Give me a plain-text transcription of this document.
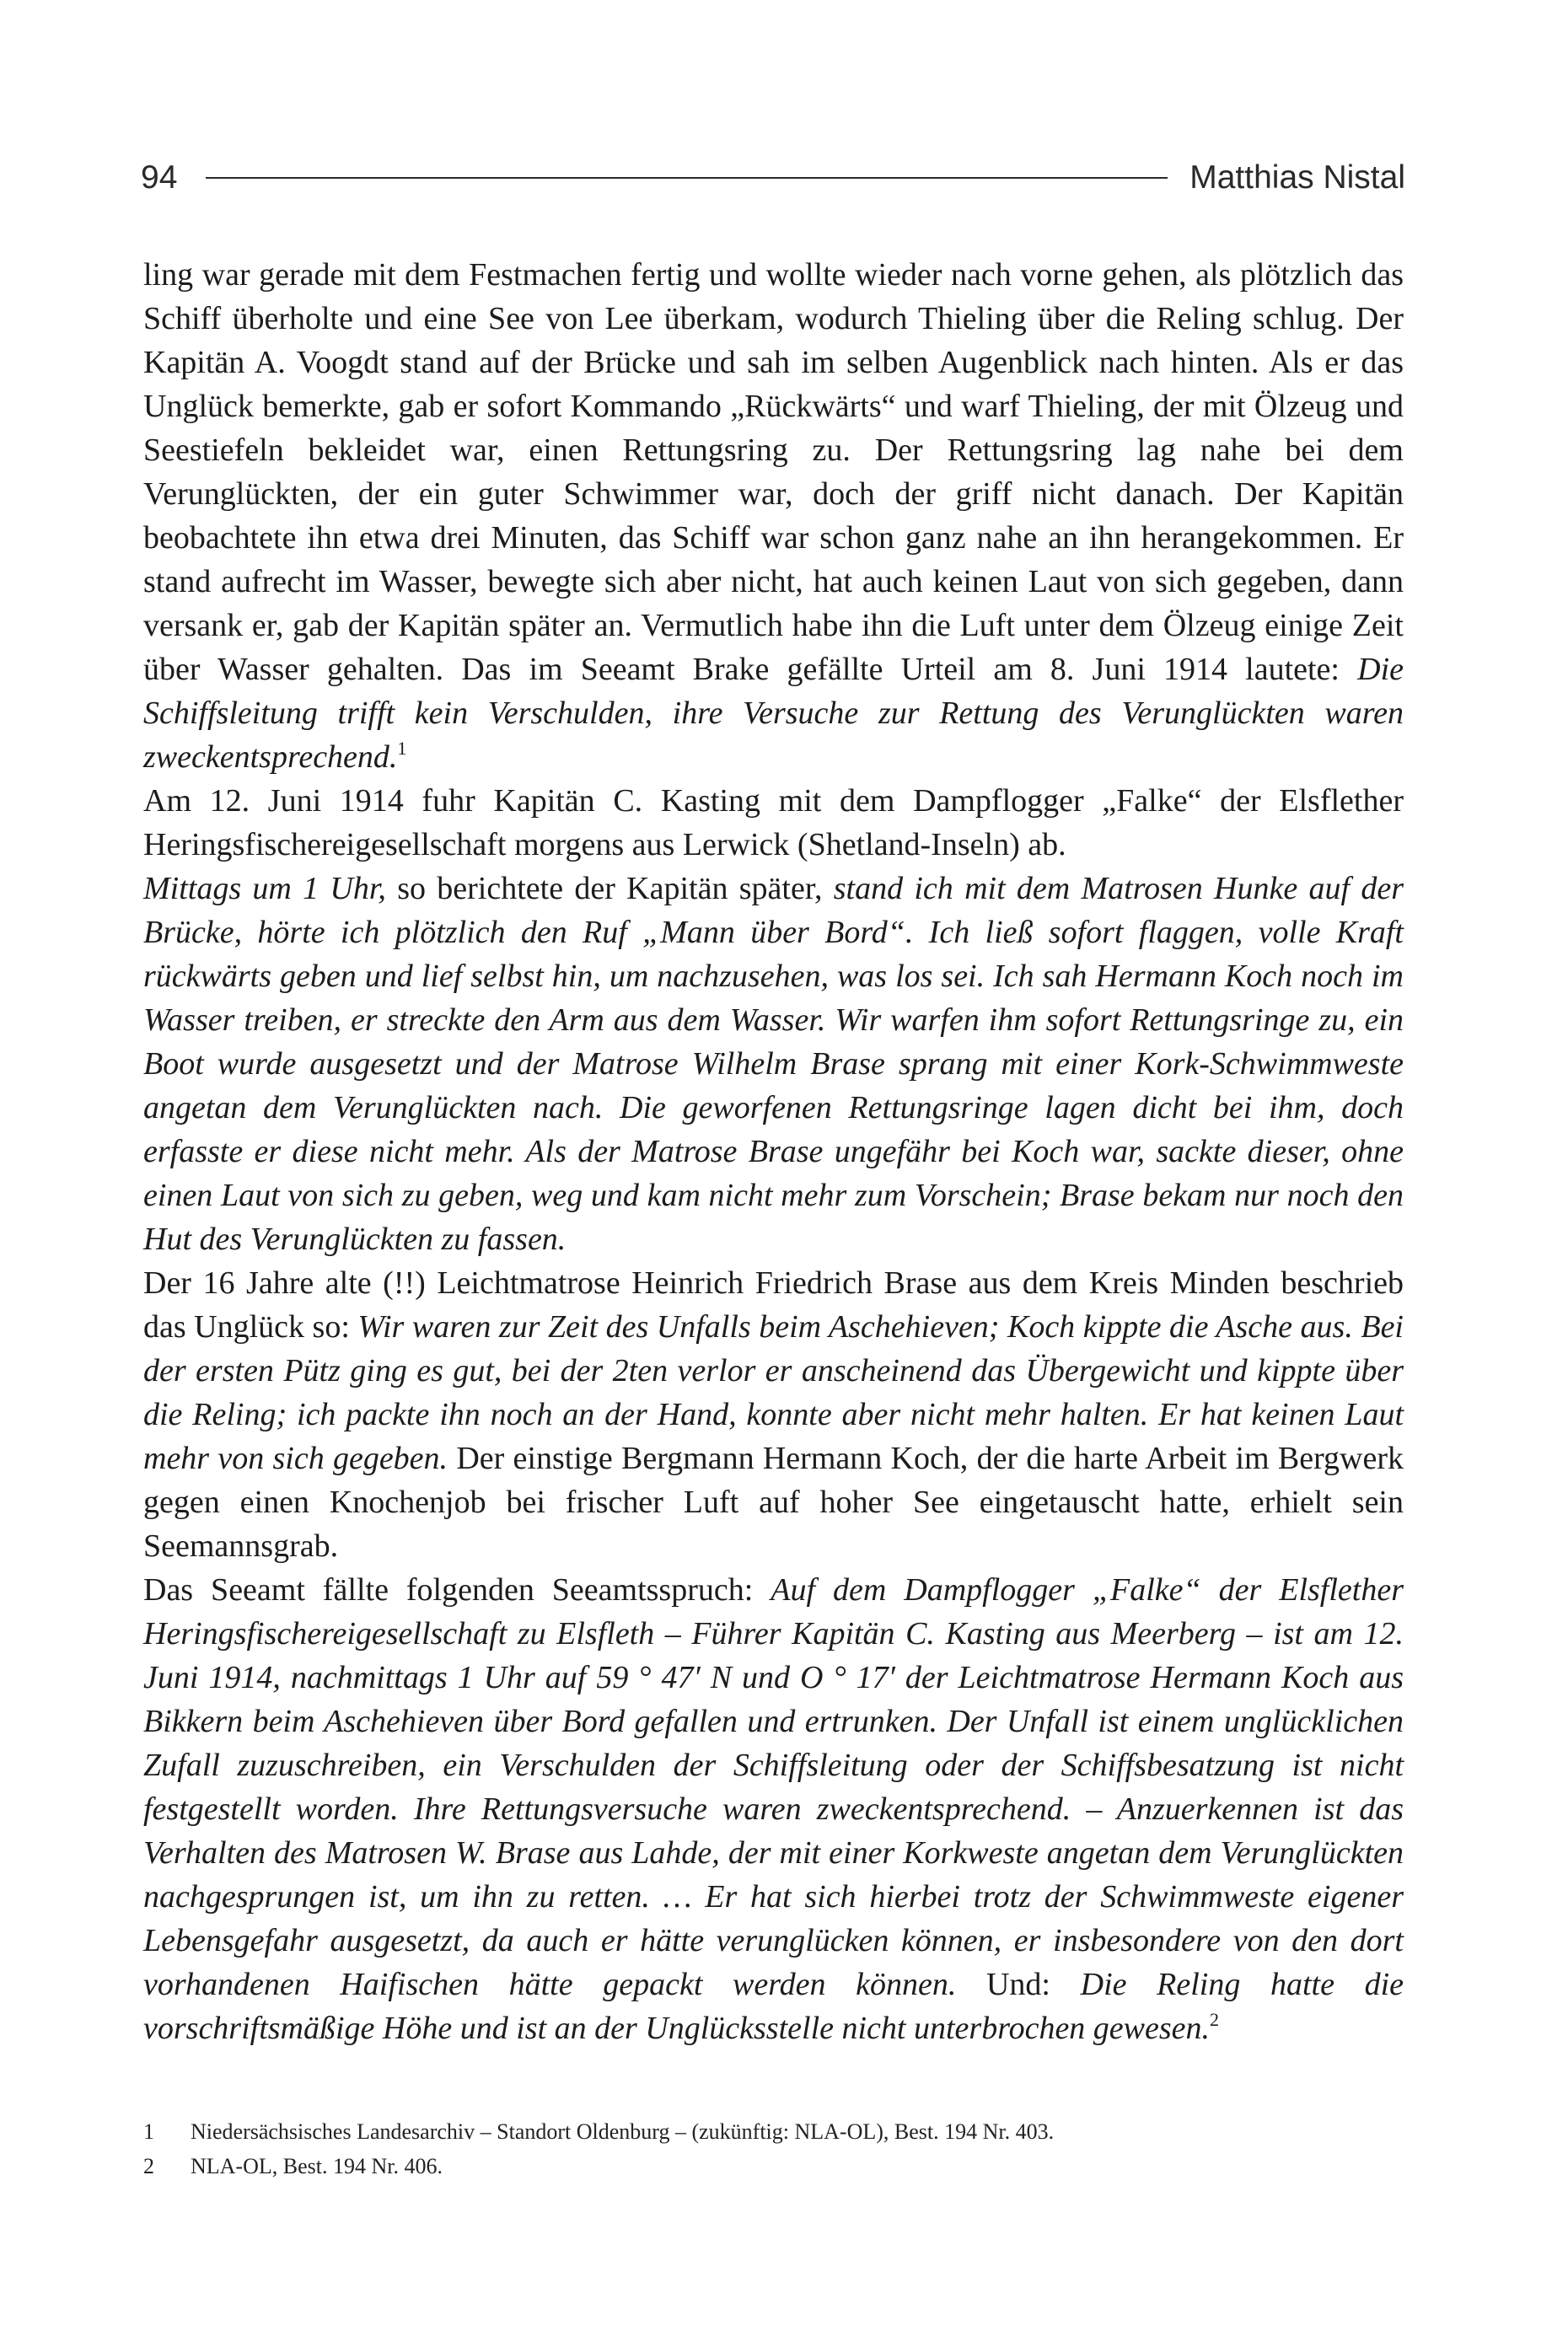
94	Matthias Nistal

ling war gerade mit dem Festmachen fertig und wollte wieder nach vorne gehen, als plötzlich das Schiff überholte und eine See von Lee überkam, wodurch Thieling über die Reling schlug. Der Kapitän A. Voogdt stand auf der Brücke und sah im selben Augenblick nach hinten. Als er das Unglück bemerkte, gab er sofort Kommando „Rückwärts“ und warf Thieling, der mit Ölzeug und Seestiefeln bekleidet war, einen Rettungsring zu. Der Rettungsring lag nahe bei dem Verunglückten, der ein guter Schwimmer war, doch der griff nicht danach. Der Kapitän beobachtete ihn etwa drei Minuten, das Schiff war schon ganz nahe an ihn herangekommen. Er stand aufrecht im Wasser, bewegte sich aber nicht, hat auch keinen Laut von sich gegeben, dann versank er, gab der Kapitän später an. Vermutlich habe ihn die Luft unter dem Ölzeug einige Zeit über Wasser gehalten. Das im Seeamt Brake gefällte Urteil am 8. Juni 1914 lautete: Die Schiffsleitung trifft kein Verschulden, ihre Versuche zur Rettung des Verunglückten waren zweckentsprechend.$^1$

Am 12. Juni 1914 fuhr Kapitän C. Kasting mit dem Dampflogger „Falke“ der Elsflether Heringsfischereigesellschaft morgens aus Lerwick (Shetland-Inseln) ab.

Mittags um 1 Uhr, so berichtete der Kapitän später, stand ich mit dem Matrosen Hunke auf der Brücke, hörte ich plötzlich den Ruf „Mann über Bord“. Ich ließ sofort flaggen, volle Kraft rückwärts geben und lief selbst hin, um nachzusehen, was los sei. Ich sah Hermann Koch noch im Wasser treiben, er streckte den Arm aus dem Wasser. Wir warfen ihm sofort Rettungsringe zu, ein Boot wurde ausgesetzt und der Matrose Wilhelm Brase sprang mit einer Kork-Schwimmweste angetan dem Verunglückten nach. Die geworfenen Rettungsringe lagen dicht bei ihm, doch erfasste er diese nicht mehr. Als der Matrose Brase ungefähr bei Koch war, sackte dieser, ohne einen Laut von sich zu geben, weg und kam nicht mehr zum Vorschein; Brase bekam nur noch den Hut des Verunglückten zu fassen.

Der 16 Jahre alte (!!) Leichtmatrose Heinrich Friedrich Brase aus dem Kreis Minden beschrieb das Unglück so: Wir waren zur Zeit des Unfalls beim Aschehieven; Koch kippte die Asche aus. Bei der ersten Pütz ging es gut, bei der 2ten verlor er anscheinend das Übergewicht und kippte über die Reling; ich packte ihn noch an der Hand, konnte aber nicht mehr halten. Er hat keinen Laut mehr von sich gegeben. Der einstige Bergmann Hermann Koch, der die harte Arbeit im Bergwerk gegen einen Knochenjob bei frischer Luft auf hoher See eingetauscht hatte, erhielt sein Seemannsgrab.

Das Seeamt fällte folgenden Seeamtsspruch: Auf dem Dampflogger „Falke“ der Elsflether Heringsfischereigesellschaft zu Elsfleth – Führer Kapitän C. Kasting aus Meerberg – ist am 12. Juni 1914, nachmittags 1 Uhr auf 59 ° 47′ N und O ° 17′ der Leichtmatrose Hermann Koch aus Bikkern beim Aschehieven über Bord gefallen und ertrunken. Der Unfall ist einem unglücklichen Zufall zuzuschreiben, ein Verschulden der Schiffsleitung oder der Schiffsbesatzung ist nicht festgestellt worden. Ihre Rettungsversuche waren zweckentsprechend. – Anzuerkennen ist das Verhalten des Matrosen W. Brase aus Lahde, der mit einer Korkweste angetan dem Verunglückten nachgesprungen ist, um ihn zu retten. … Er hat sich hierbei trotz der Schwimmweste eigener Lebensgefahr ausgesetzt, da auch er hätte verunglücken können, er insbesondere von den dort vorhandenen Haifischen hätte gepackt werden können. Und: Die Reling hatte die vorschriftsmäßige Höhe und ist an der Unglücksstelle nicht unterbrochen gewesen.$^2$

1	Niedersächsisches Landesarchiv – Standort Oldenburg – (zukünftig: NLA-OL), Best. 194 Nr. 403.
2	NLA-OL, Best. 194 Nr. 406.
